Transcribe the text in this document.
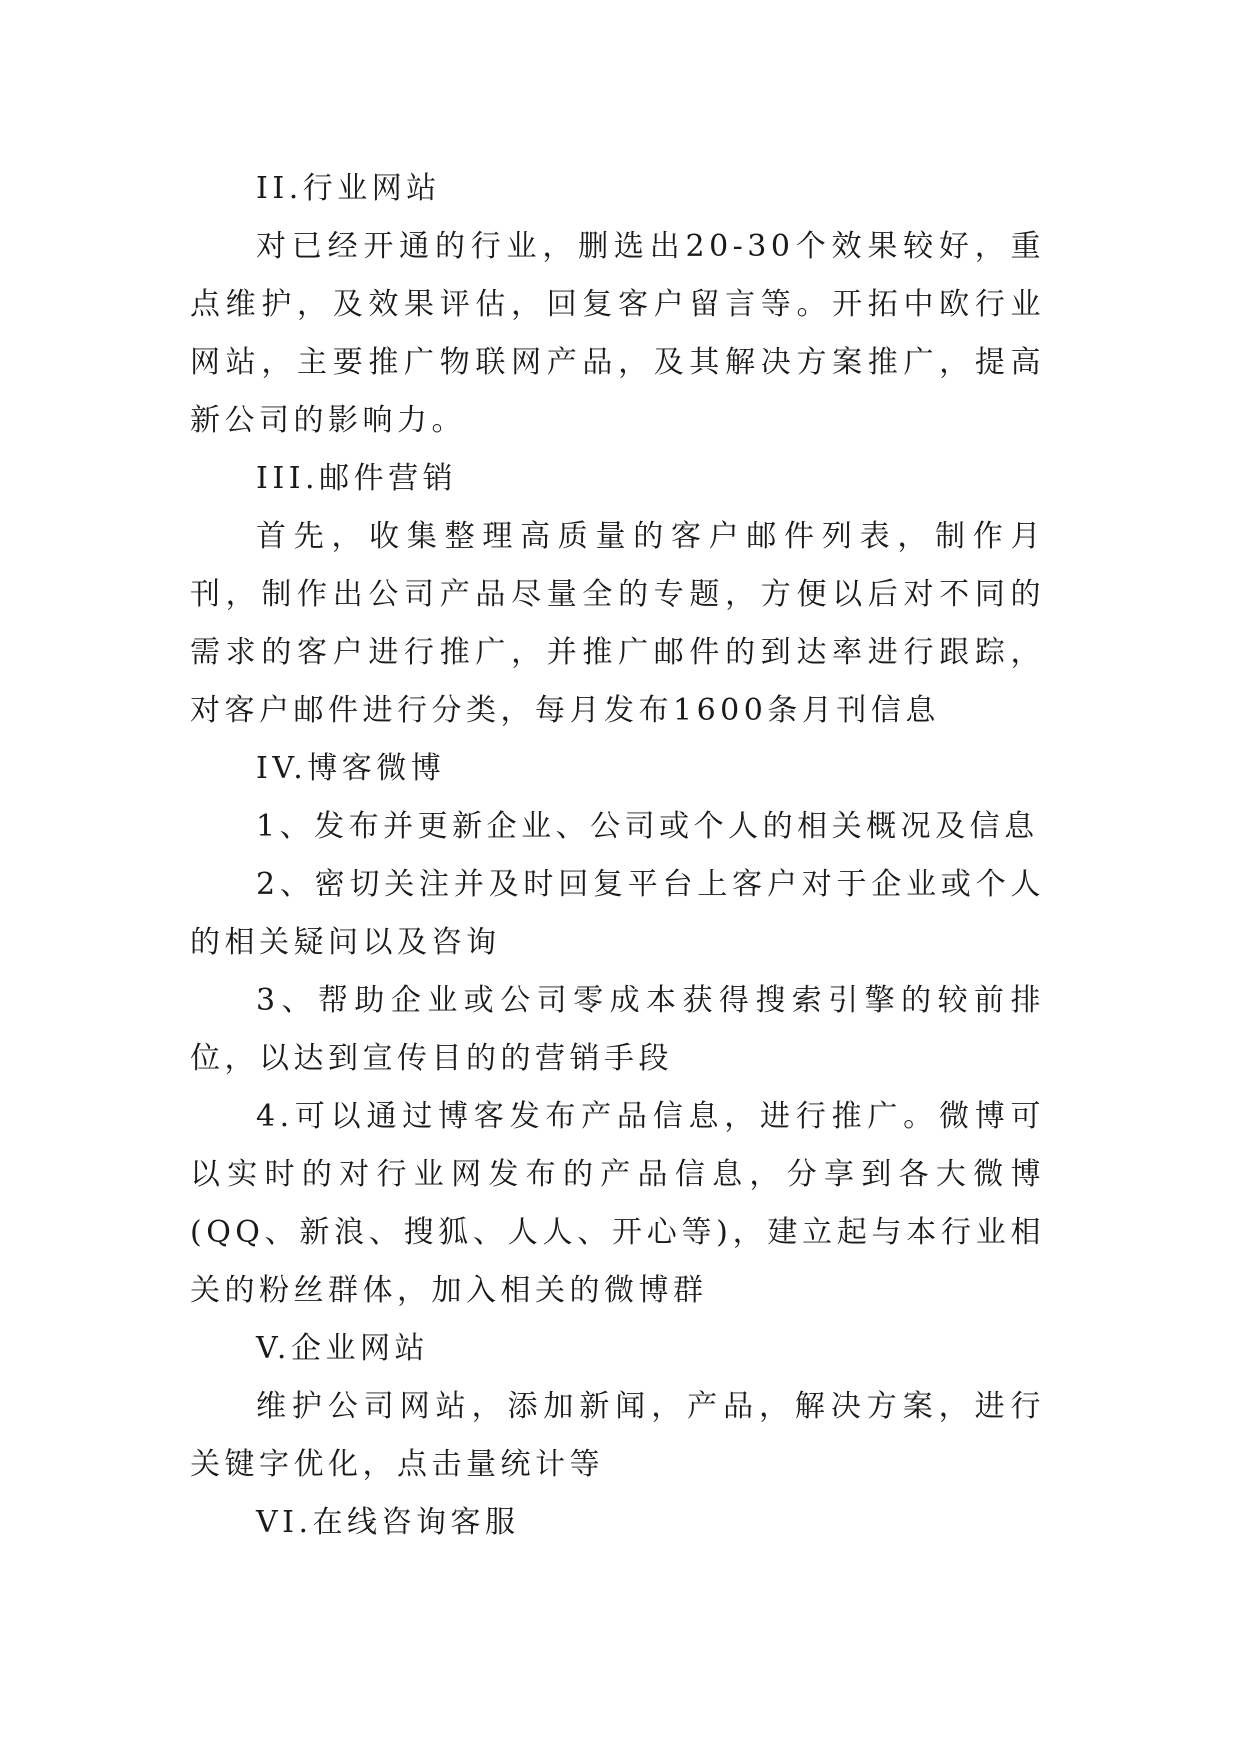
II.行业网站

对已经开通的行业，删选出20-30个效果较好，重点维护，及效果评估，回复客户留言等。开拓中欧行业网站，主要推广物联网产品，及其解决方案推广，提高新公司的影响力。

III.邮件营销

首先，收集整理高质量的客户邮件列表，制作月刊，制作出公司产品尽量全的专题，方便以后对不同的需求的客户进行推广，并推广邮件的到达率进行跟踪，对客户邮件进行分类，每月发布1600条月刊信息

IV.博客微博

1、发布并更新企业、公司或个人的相关概况及信息

2、密切关注并及时回复平台上客户对于企业或个人的相关疑问以及咨询

3、帮助企业或公司零成本获得搜索引擎的较前排位，以达到宣传目的的营销手段

4.可以通过博客发布产品信息，进行推广。微博可以实时的对行业网发布的产品信息，分享到各大微博(QQ、新浪、搜狐、人人、开心等)，建立起与本行业相关的粉丝群体，加入相关的微博群

V.企业网站

维护公司网站，添加新闻，产品，解决方案，进行关键字优化，点击量统计等

VI.在线咨询客服
